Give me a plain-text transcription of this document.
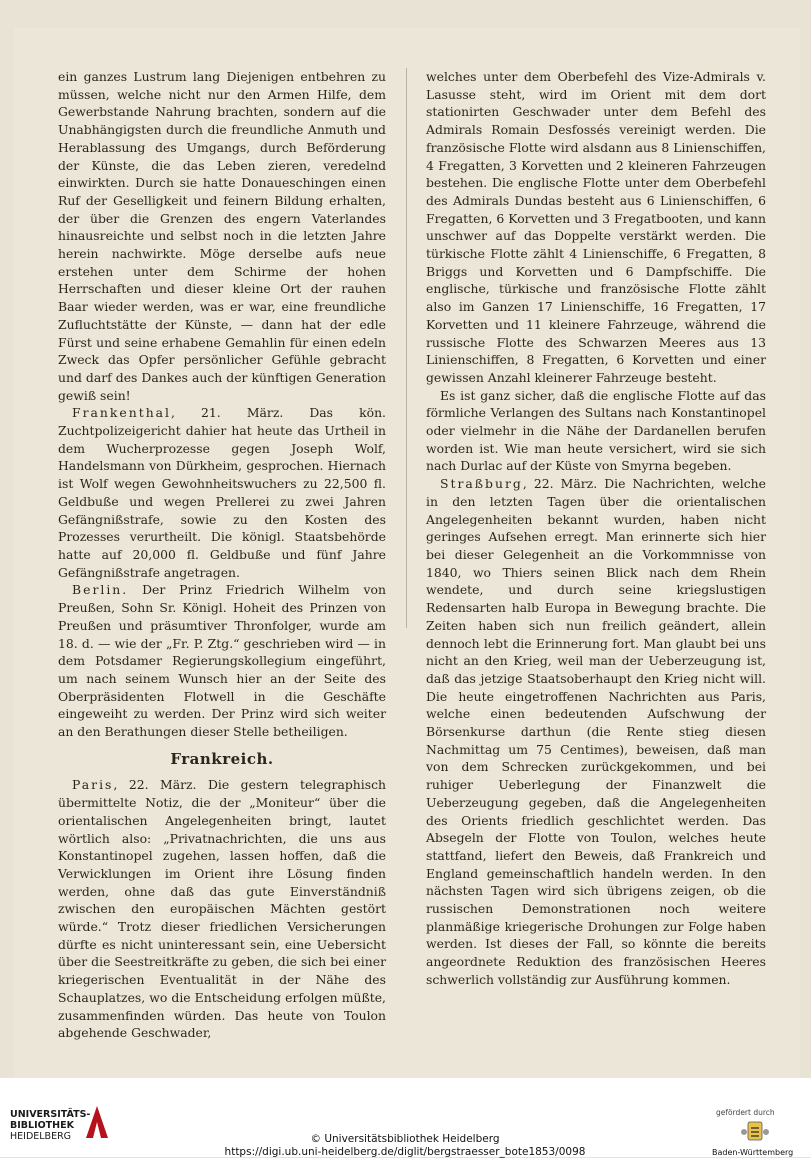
ein ganzes Lustrum lang Diejenigen entbehren zu müssen, welche nicht nur den Armen Hilfe, dem Gewerbstande Nahrung brachten, sondern auf die Unabhängigsten durch die freundliche Anmuth und Herablassung des Umgangs, durch Beförderung der Künste, die das Leben zieren, veredelnd einwirkten. Durch sie hatte Donaueschingen einen Ruf der Geselligkeit und feinern Bildung erhalten, der über die Grenzen des engern Vaterlandes hinausreichte und selbst noch in die letzten Jahre herein nachwirkte. Möge derselbe aufs neue erstehen unter dem Schirme der hohen Herrschaften und dieser kleine Ort der rauhen Baar wieder werden, was er war, eine freundliche Zufluchtstätte der Künste, — dann hat der edle Fürst und seine erhabene Gemahlin für einen edeln Zweck das Opfer persönlicher Gefühle gebracht und darf des Dankes auch der künftigen Generation gewiß sein!

Frankenthal, 21. März. Das kön. Zuchtpolizeigericht dahier hat heute das Urtheil in dem Wucherprozesse gegen Joseph Wolf, Handelsmann von Dürkheim, gesprochen. Hiernach ist Wolf wegen Gewohnheitswuchers zu 22,500 fl. Geldbuße und wegen Prellerei zu zwei Jahren Gefängnißstrafe, sowie zu den Kosten des Prozesses verurtheilt. Die königl. Staatsbehörde hatte auf 20,000 fl. Geldbuße und fünf Jahre Gefängnißstrafe angetragen.

Berlin. Der Prinz Friedrich Wilhelm von Preußen, Sohn Sr. Königl. Hoheit des Prinzen von Preußen und präsumtiver Thronfolger, wurde am 18. d. — wie der „Fr. P. Ztg.“ geschrieben wird — in dem Potsdamer Regierungskollegium eingeführt, um nach seinem Wunsch hier an der Seite des Oberpräsidenten Flotwell in die Geschäfte eingeweiht zu werden. Der Prinz wird sich weiter an den Berathungen dieser Stelle betheiligen.

Frankreich.

Paris, 22. März. Die gestern telegraphisch übermittelte Notiz, die der „Moniteur“ über die orientalischen Angelegenheiten bringt, lautet wörtlich also: „Privatnachrichten, die uns aus Konstantinopel zugehen, lassen hoffen, daß die Verwicklungen im Orient ihre Lösung finden werden, ohne daß das gute Einverständniß zwischen den europäischen Mächten gestört würde.“ Trotz dieser friedlichen Versicherungen dürfte es nicht uninteressant sein, eine Uebersicht über die Seestreitkräfte zu geben, die sich bei einer kriegerischen Eventualität in der Nähe des Schauplatzes, wo die Entscheidung erfolgen müßte, zusammenfinden würden. Das heute von Toulon abgehende Geschwader,

welches unter dem Oberbefehl des Vize-Admirals v. Lasusse steht, wird im Orient mit dem dort stationirten Geschwader unter dem Befehl des Admirals Romain Desfossés vereinigt werden. Die französische Flotte wird alsdann aus 8 Linienschiffen, 4 Fregatten, 3 Korvetten und 2 kleineren Fahrzeugen bestehen. Die englische Flotte unter dem Oberbefehl des Admirals Dundas besteht aus 6 Linienschiffen, 6 Fregatten, 6 Korvetten und 3 Fregatbooten, und kann unschwer auf das Doppelte verstärkt werden. Die türkische Flotte zählt 4 Linienschiffe, 6 Fregatten, 8 Briggs und Korvetten und 6 Dampfschiffe. Die englische, türkische und französische Flotte zählt also im Ganzen 17 Linienschiffe, 16 Fregatten, 17 Korvetten und 11 kleinere Fahrzeuge, während die russische Flotte des Schwarzen Meeres aus 13 Linienschiffen, 8 Fregatten, 6 Korvetten und einer gewissen Anzahl kleinerer Fahrzeuge besteht.

Es ist ganz sicher, daß die englische Flotte auf das förmliche Verlangen des Sultans nach Konstantinopel oder vielmehr in die Nähe der Dardanellen berufen worden ist. Wie man heute versichert, wird sie sich nach Durlac auf der Küste von Smyrna begeben.

Straßburg, 22. März. Die Nachrichten, welche in den letzten Tagen über die orientalischen Angelegenheiten bekannt wurden, haben nicht geringes Aufsehen erregt. Man erinnerte sich hier bei dieser Gelegenheit an die Vorkommnisse von 1840, wo Thiers seinen Blick nach dem Rhein wendete, und durch seine kriegslustigen Redensarten halb Europa in Bewegung brachte. Die Zeiten haben sich nun freilich geändert, allein dennoch lebt die Erinnerung fort. Man glaubt bei uns nicht an den Krieg, weil man der Ueberzeugung ist, daß das jetzige Staatsoberhaupt den Krieg nicht will. Die heute eingetroffenen Nachrichten aus Paris, welche einen bedeutenden Aufschwung der Börsenkurse darthun (die Rente stieg diesen Nachmittag um 75 Centimes), beweisen, daß man von dem Schrecken zurückgekommen, und bei ruhiger Ueberlegung der Finanzwelt die Ueberzeugung gegeben, daß die Angelegenheiten des Orients friedlich geschlichtet werden. Das Absegeln der Flotte von Toulon, welches heute stattfand, liefert den Beweis, daß Frankreich und England gemeinschaftlich handeln werden. In den nächsten Tagen wird sich übrigens zeigen, ob die russischen Demonstrationen noch weitere planmäßige kriegerische Drohungen zur Folge haben werden. Ist dieses der Fall, so könnte die bereits angeordnete Reduktion des französischen Heeres schwerlich vollständig zur Ausführung kommen.

UNIVERSITÄTS-
BIBLIOTHEK
HEIDELBERG	© Universitätsbibliothek Heidelberg
https://digi.ub.uni-heidelberg.de/diglit/bergstraesser_bote1853/0098
gefördert durch
Baden-Württemberg
